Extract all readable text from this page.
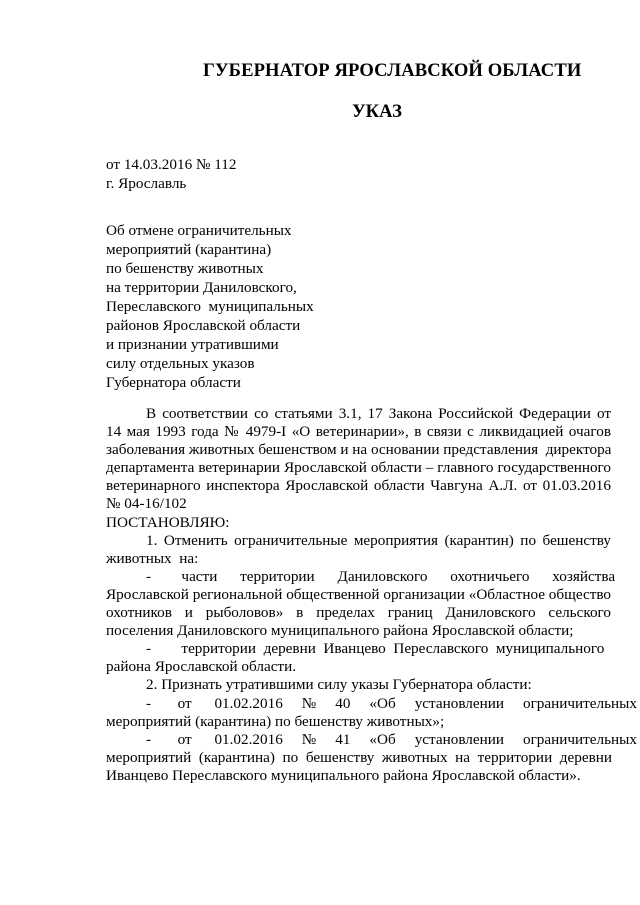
ГУБЕРНАТОР ЯРОСЛАВСКОЙ ОБЛАСТИ
УКАЗ
от 14.03.2016 № 112
г. Ярославль
Об отмене ограничительных
мероприятий (карантина)
по бешенству животных
на территории Даниловского,
Переславского  муниципальных
районов Ярославской области
и признании утратившими
силу отдельных указов
Губернатора области
В соответствии со статьями 3.1, 17 Закона Российской Федерации от
14 мая 1993 года № 4979-I «О ветеринарии», в связи с ликвидацией очагов
заболевания животных бешенством и на основании представления  директора
департамента ветеринарии Ярославской области – главного государственного
ветеринарного инспектора Ярославской области Чавгуна А.Л. от 01.03.2016
№ 04-16/102
ПОСТАНОВЛЯЮ:
1. Отменить ограничительные мероприятия (карантин) по бешенству
животных  на:
-        части      территории      Даниловского      охотничьего      хозяйства
Ярославской региональной общественной организации «Областное общество
охотников  и  рыболовов»  в  пределах  границ  Даниловского  сельского
поселения Даниловского муниципального района Ярославской области;
-        территории  деревни  Иванцево  Переславского  муниципального
района Ярославской области.
2. Признать утратившими силу указы Губернатора области:
-       от      01.02.2016     №     40     «Об     установлении     ограничительных
мероприятий (карантина) по бешенству животных»;
-       от      01.02.2016     №     41     «Об     установлении     ограничительных
мероприятий  (карантина)  по  бешенству  животных  на  территории  деревни
Иванцево Переславского муниципального района Ярославской области».
